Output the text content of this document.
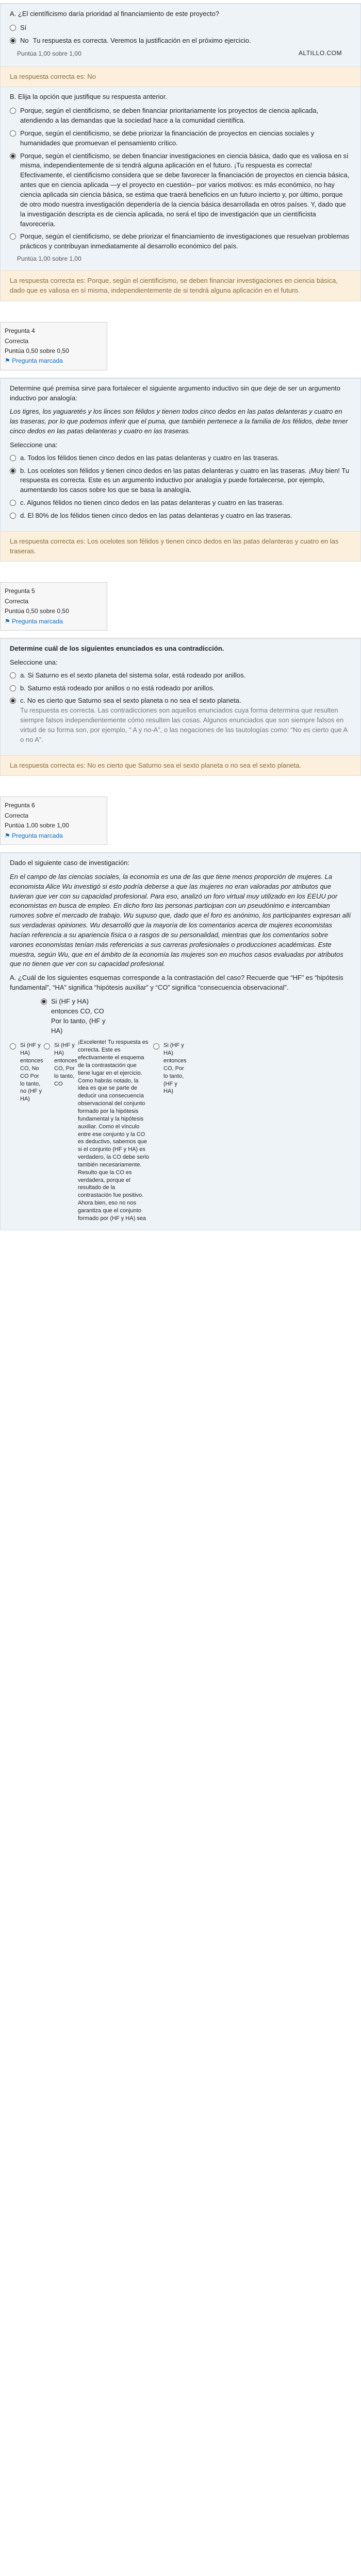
A. ¿El científicismo daría prioridad al financiamiento de este proyecto?

Sí
No Tu respuesta es correcta. Veremos la justificación en el próximo ejercicio.
Puntúa 1,00 sobre 1,00	ALTILLO.COM
La respuesta correcta es: No

B. Elija la opción que justifique su respuesta anterior.

Porque, según el cientificismo, se deben financiar prioritariamente los proyectos de ciencia aplicada, atendiendo a las demandas que la sociedad hace a la comunidad científica.
Porque, según el cientificismo, se debe priorizar la financiación de proyectos en ciencias sociales y humanidades que promuevan el pensamiento crítico.
Porque, según el cientificismo, se deben financiar investigaciones en ciencia básica, dado que es valiosa en sí misma, independientemente de si tendrá alguna aplicación en el futuro. ¡Tu respuesta es correcta! Efectivamente, el cientificismo considera que se debe favorecer la financiación de proyectos en ciencia básica, antes que en ciencia aplicada —y el proyecto en cuestión– por varios motivos: es más económico, no hay ciencia aplicada sin ciencia básica, se estima que traerá beneficios en un futuro incierto y, por último, porque de otro modo nuestra investigación dependería de la ciencia básica desarrollada en otros países. Y, dado que la investigación descripta es de ciencia aplicada, no será el tipo de investigación que un científicista favorecería.
Porque, según el cientificismo, se debe priorizar el financiamiento de investigaciones que resuelvan problemas prácticos y contribuyan inmediatamente al desarrollo económico del país.
Puntúa 1,00 sobre 1,00
La respuesta correcta es: Porque, según el cientificismo, se deben financiar investigaciones en ciencia básica, dado que es valiosa en sí misma, independientemente de si tendrá alguna aplicación en el futuro.
Pregunta 4
Correcta
Puntúa 0,50 sobre 0,50
⚑ Pregunta marcada

Determine qué premisa sirve para fortalecer el siguiente argumento inductivo sin que deje de ser un argumento inductivo por analogía:

Los tigres, los yaguaretés y los linces son félidos y tienen todos cinco dedos en las patas delanteras y cuatro en las traseras, por lo que podemos inferir que el puma, que también pertenece a la familia de los félidos, debe tener cinco dedos en las patas delanteras y cuatro en las traseras.

Seleccione una:

a. Todos los félidos tienen cinco dedos en las patas delanteras y cuatro en las traseras.
b. Los ocelotes son félidos y tienen cinco dedos en las patas delanteras y cuatro en las traseras. ¡Muy bien! Tu respuesta es correcta. Este es un argumento inductivo por analogía y puede fortalecerse, por ejemplo, aumentando los casos sobre los que se basa la analogía.
c. Algunos félidos no tienen cinco dedos en las patas delanteras y cuatro en las traseras.
d. El 80% de los félidos tienen cinco dedos en las patas delanteras y cuatro en las traseras.
La respuesta correcta es: Los ocelotes son félidos y tienen cinco dedos en las patas delanteras y cuatro en las traseras.
Pregunta 5
Correcta
Puntúa 0,50 sobre 0,50
⚑ Pregunta marcada

Determine cuál de los siguientes enunciados es una contradicción.

Seleccione una:

a. Si Saturno es el sexto planeta del sistema solar, está rodeado por anillos.
b. Saturno está rodeado por anillos o no está rodeado por anillos.
c. No es cierto que Saturno sea el sexto planeta o no sea el sexto planeta.
Tu respuesta es correcta. Las contradicciones son aquellos enunciados cuya forma determina que resulten siempre falsos independientemente cómo resulten las cosas. Algunos enunciados que son siempre falsos en virtud de su forma son, por ejemplo, “ A y no-A”, o las negaciones de las tautologías como: “No es cierto que A o no A”.
La respuesta correcta es: No es cierto que Saturno sea el sexto planeta o no sea el sexto planeta.
Pregunta 6
Correcta
Puntúa 1,00 sobre 1,00
⚑ Pregunta marcada

Dado el siguiente caso de investigación:

En el campo de las ciencias sociales, la economía es una de las que tiene menos proporción de mujeres. La economista Alice Wu investigó si esto podría deberse a que las mujeres no eran valoradas por atributos que tuvieran que ver con su capacidad profesional. Para eso, analizó un foro virtual muy utilizado en los EEUU por economistas en busca de empleo. En dicho foro las personas participan con un pseudónimo e intercambian rumores sobre el mercado de trabajo. Wu supuso que, dado que el foro es anónimo, los participantes expresan allí sus verdaderas opiniones. Wu desarrolló que la mayoría de los comentarios acerca de mujeres economistas hacían referencia a su apariencia física o a rasgos de su personalidad, mientras que los comentarios sobre varones economistas tenían más referencias a sus carreras profesionales o producciones académicas. Este muestra, según Wu, que en el ámbito de la economía las mujeres son en muchos casos evaluadas por atributos que no tienen que ver con su capacidad profesional.

A. ¿Cuál de los siguientes esquemas corresponde a la contrastación del caso? Recuerde que “HF” es “hipótesis fundamental”, “HA” significa “hipótesis auxiliar” y “CO” significa “consecuencia observacional”.

Si (HF y HA) entonces CO, CO Por lo tanto, (HF y HA)
Si (HF y HA) entonces CO, No CO Por lo tanto, no (HF y HA)
Si (HF y HA) entonces CO, Por lo tanto, CO
¡Excelente! Tu respuesta es correcta. Este es efectivamente el esquema de la contrastación que tiene lugar en el ejercicio. Como habrás notado, la idea es que se parte de deducir una consecuencia observacional del conjunto formado por la hipótesis fundamental y la hipótesis auxiliar. Como el vínculo entre ese conjunto y la CO es deductivo, sabemos que si el conjunto (HF y HA) es verdadero, la CO debe serlo también necesariamente. Resulto que la CO es verdadera, porque el resultado de la contrastación fue positivo. Ahora bien, eso no nos garantiza que el conjunto formado por (HF y HA) sea
Si (HF y HA) entonces CO, Por lo tanto, (HF y HA)
